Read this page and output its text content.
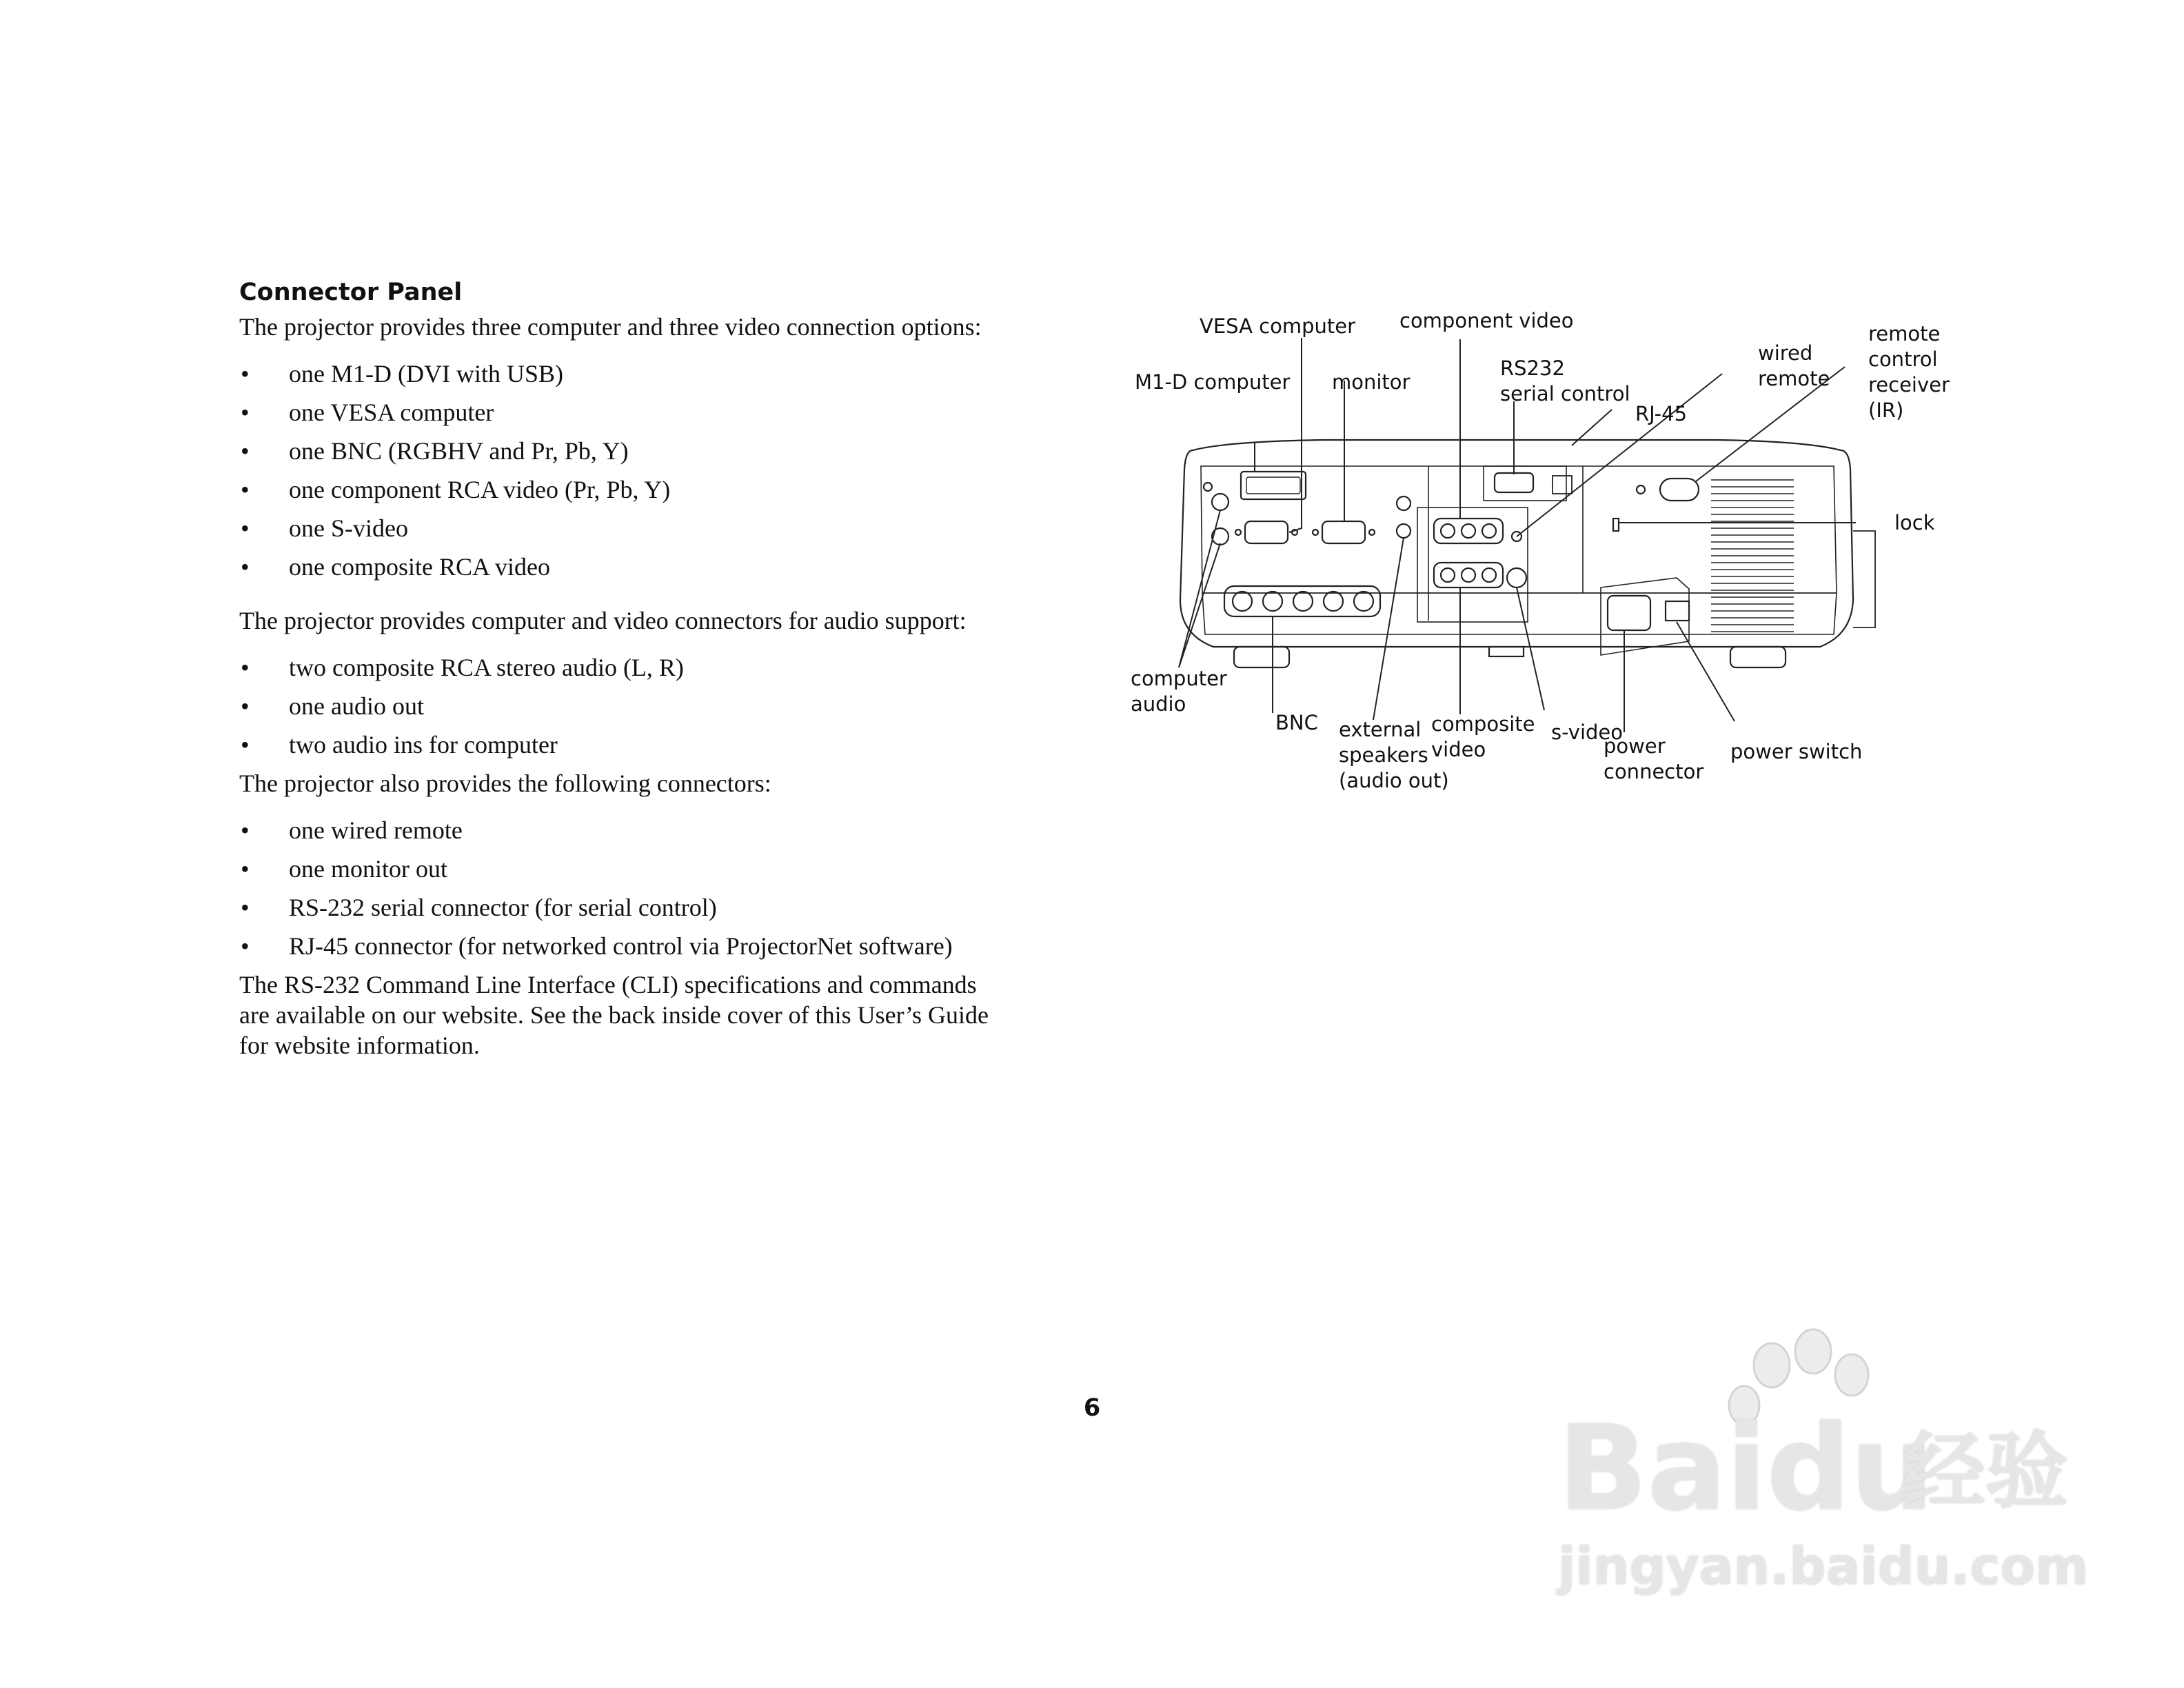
Connector Panel

The projector provides three computer and three video connection options:

• one M1-D (DVI with USB)
• one VESA computer
• one BNC (RGBHV and Pr, Pb, Y)
• one component RCA video (Pr, Pb, Y)
• one S-video
• one composite RCA video

The projector provides computer and video connectors for audio support:

• two composite RCA stereo audio (L, R)
• one audio out
• two audio ins for computer

The projector also provides the following connectors:

• one wired remote
• one monitor out
• RS-232 serial connector (for serial control)
• RJ-45 connector (for networked control via ProjectorNet software)

The RS-232 Command Line Interface (CLI) specifications and commands
are available on our website. See the back inside cover of this User’s Guide
for website information.

VESA computer component video
M1-D computer monitor
RS232
serial control
RJ-45
wired
remote
remote
control
receiver
(IR)
lock
computer
audio
BNC external
speakers
(audio out)
composite
video
s-video
power
connector
power switch
6	Baidu
经验
jingyan.baidu.com
